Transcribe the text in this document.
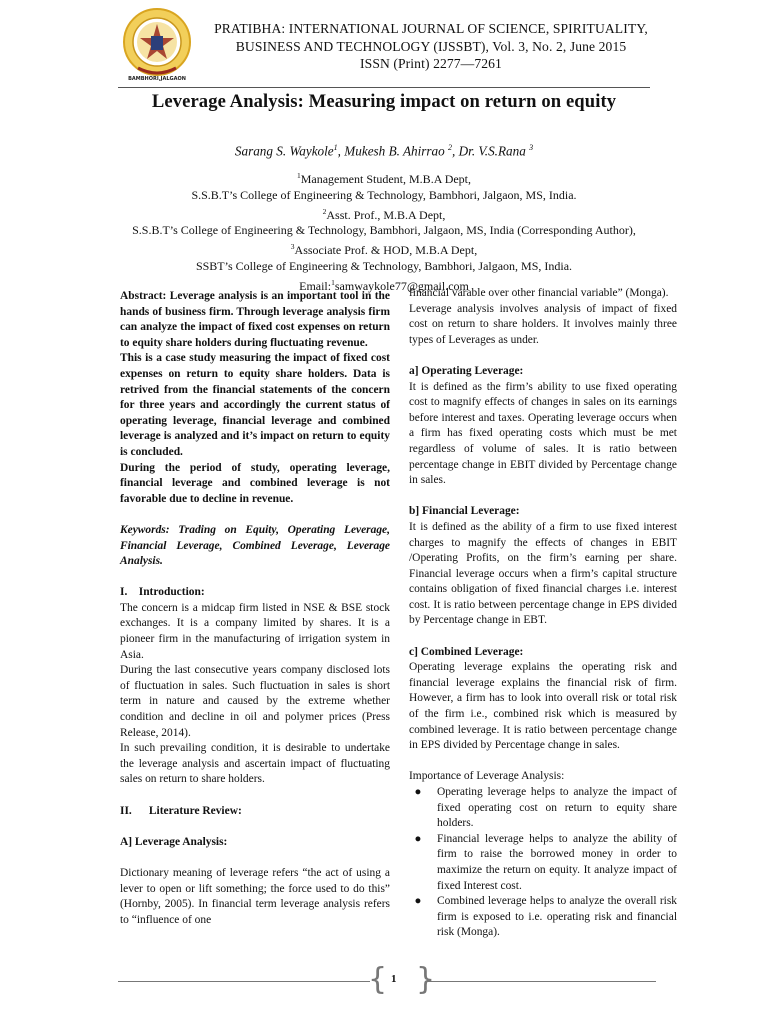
BAMBHORI,JALGAON
PRATIBHA: INTERNATIONAL JOURNAL OF SCIENCE, SPIRITUALITY,
BUSINESS AND TECHNOLOGY (IJSSBT), Vol. 3, No. 2, June 2015
ISSN (Print) 2277—7261
Leverage Analysis: Measuring impact on return on equity
Sarang S. Waykole$^1$, Mukesh B. Ahirrao $^2$, Dr. V.S.Rana $^3$
$^1$Management Student, M.B.A Dept,
S.S.B.T’s College of Engineering & Technology, Bambhori, Jalgaon, MS, India.
$^2$Asst. Prof., M.B.A Dept,
S.S.B.T’s College of Engineering & Technology, Bambhori, Jalgaon, MS, India (Corresponding Author),
$^3$Associate Prof. & HOD, M.B.A Dept,
SSBT’s College of Engineering & Technology, Bambhori, Jalgaon, MS, India.
Email:$^1$samwaykole77@gmail.com

Abstract: Leverage analysis is an important tool in the hands of business firm. Through leverage analysis firm can analyze the impact of fixed cost expenses on return to equity share holders during fluctuating revenue.

This is a case study measuring the impact of fixed cost expenses on return to equity share holders. Data is retrived from the financial statements of the concern for three years and accordingly the current status of operating leverage, financial leverage and combined leverage is analyzed and it’s impact on return to equity is concluded.

During the period of study, operating leverage, financial leverage and combined leverage is not favorable due to decline in revenue.

Keywords: Trading on Equity, Operating Leverage, Financial Leverage, Combined Leverage, Leverage Analysis.

I.    Introduction:

The concern is a midcap firm listed in NSE & BSE stock exchanges. It is a company limited by shares. It is a pioneer firm in the manufacturing of irrigation system in Asia.

During the last consecutive years company disclosed lots of fluctuation in sales. Such fluctuation in sales is short term in nature and caused by the extreme whether condition and decline in oil and polymer prices (Press Release, 2014).

In such prevailing condition, it is desirable to undertake the leverage analysis and ascertain impact of fluctuating sales on return to share holders.

II.      Literature Review:

A] Leverage Analysis:

Dictionary meaning of leverage refers “the act of using a lever to open or lift something; the force used to do this” (Hornby, 2005). In financial term leverage analysis refers to “influence of one

financial varable over other financial variable” (Monga).

Leverage analysis involves analysis of impact of fixed cost on return to share holders. It involves mainly three types of Leverages as under.

a] Operating Leverage:

It is defined as the firm’s ability to use fixed operating cost to magnify effects of changes in sales on its earnings before interest and taxes. Operating leverage occurs when a firm has fixed operating costs which must be met regardless of volume of sales. It is ratio between percentage change in EBIT divided by Percentage change in sales.

b] Financial Leverage:

It is defined as the ability of a firm to use fixed interest charges to magnify the effects of changes in EBIT /Operating Profits, on the firm’s earning per share. Financial leverage occurs when a firm’s capital structure contains obligation of fixed financial charges i.e. interest cost. It is ratio between percentage change in EPS divided by Percentage change in EBT.

c] Combined Leverage:

Operating leverage explains the operating risk and financial leverage explains the financial risk of firm. However, a firm has to look into overall risk or total risk of the firm i.e., combined risk which is measured by combined leverage. It is ratio between percentage change in EPS divided by Percentage change in sales.

Importance of Leverage Analysis:

● Operating leverage helps to analyze the impact of fixed operating cost on return to equity share holders.
● Financial leverage helps to analyze the ability of firm to raise the borrowed money in order to maximize the return on equity. It analyze impact of fixed Interest cost.
● Combined leverage helps to analyze the overall risk firm is exposed to i.e. operating risk and financial risk (Monga).
{ }
1
